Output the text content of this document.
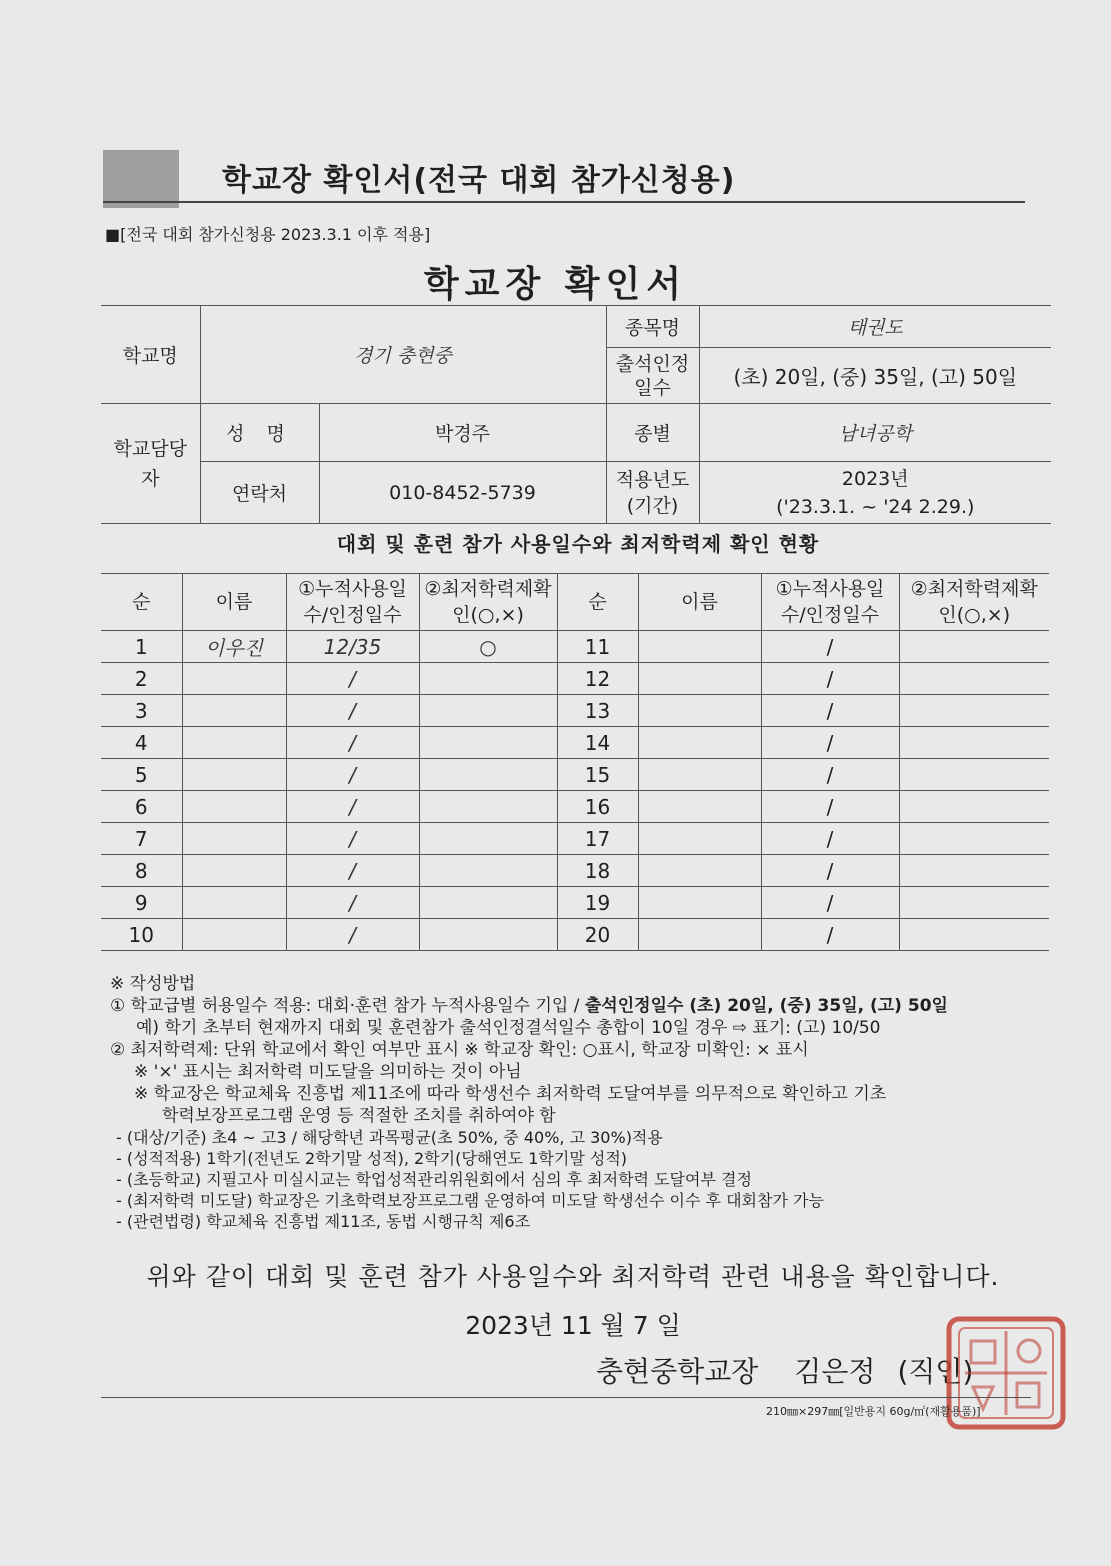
학교장 확인서(전국 대회 참가신청용)
■[전국 대회 참가신청용 2023.3.1 이후 적용]
학교장 확인서
학교명	경기 충현중		종목명	태권도
			출석인정일수	(초) 20일, (중) 35일, (고) 50일
학교담당자	성 명	박경주	종별	남녀공학
	연락처	010-8452-5739	적용년도(기간)	2023년
('23.3.1. ~ '24 2.29.)
대회 및 훈련 참가 사용일수와 최저학력제 확인 현황
순	이름	①누적사용일수/인정일수	②최저학력제확인(○,×)	순	이름	①누적사용일수/인정일수	②최저학력제확인(○,×)
1	이우진	12/35	○	11		/	
2		/		12		/	
3		/		13		/	
4		/		14		/	
5		/		15		/	
6		/		16		/	
7		/		17		/	
8		/		18		/	
9		/		19		/	
10		/		20		/	
※ 작성방법
① 학교급별 허용일수 적용: 대회·훈련 참가 누적사용일수 기입 / 출석인정일수 (초) 20일, (중) 35일, (고) 50일
예) 학기 초부터 현재까지 대회 및 훈련참가 출석인정결석일수 총합이 10일 경우 ⇨ 표기: (고) 10/50
② 최저학력제: 단위 학교에서 확인 여부만 표시 ※ 학교장 확인: ○표시, 학교장 미확인: × 표시
※ '×' 표시는 최저학력 미도달을 의미하는 것이 아님
※ 학교장은 학교체육 진흥법 제11조에 따라 학생선수 최저학력 도달여부를 의무적으로 확인하고 기초
학력보장프로그램 운영 등 적절한 조치를 취하여야 함
- (대상/기준) 초4 ~ 고3 / 해당학년 과목평균(초 50%, 중 40%, 고 30%)적용
- (성적적용) 1학기(전년도 2학기말 성적), 2학기(당해연도 1학기말 성적)
- (초등학교) 지필고사 미실시교는 학업성적관리위원회에서 심의 후 최저학력 도달여부 결정
- (최저학력 미도달) 학교장은 기초학력보장프로그램 운영하여 미도달 학생선수 이수 후 대회참가 가능
- (관련법령) 학교체육 진흥법 제11조, 동법 시행규칙 제6조
위와 같이 대회 및 훈련 참가 사용일수와 최저학력 관련 내용을 확인합니다.
2023년 11 월 7 일
충현중학교장 김은정 (직인)
210㎜×297㎜[일반용지 60g/㎡(재활용품)]
